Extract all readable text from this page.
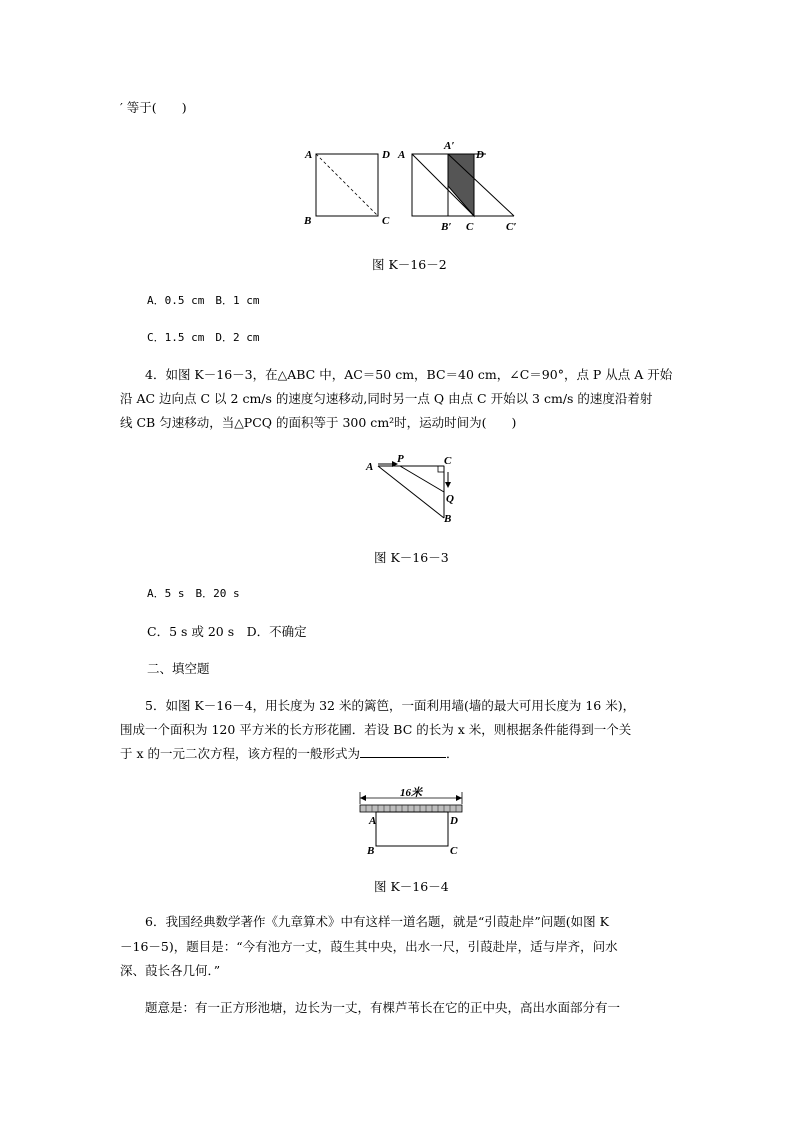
′ 等于(　　)
A	D
B	C
A
A′
D
B′ C	C′
图 K－16－2
A．0.5 cm　B．1 cm
C．1.5 cm　D．2 cm
4．如图 K－16－3，在△ABC 中，AC＝50 cm，BC＝40 cm，∠C＝90°，点 P 从点 A 开始
沿 AC 边向点 C 以 2 cm/s 的速度匀速移动,同时另一点 Q 由点 C 开始以 3 cm/s 的速度沿着射
线 CB 匀速移动，当△PCQ 的面积等于 300 cm²时，运动时间为(　　)
A
P	C
Q
B
图 K－16－3
A．5 s　B．20 s
C．5 s 或 20 s　D．不确定
二、填空题
5．如图 K－16－4，用长度为 32 米的篱笆，一面利用墙(墙的最大可用长度为 16 米)，
围成一个面积为 120 平方米的长方形花圃．若设 BC 的长为 x 米，则根据条件能得到一个关
于 x 的一元二次方程，该方程的一般形式为	．
16米
A	D
B	C
图 K－16－4
6．我国经典数学著作《九章算术》中有这样一道名题，就是“引葭赴岸”问题(如图 K
－16－5)，题目是：“今有池方一丈，葭生其中央，出水一尺，引葭赴岸，适与岸齐，问水
深、葭长各几何．”
题意是：有一正方形池塘，边长为一丈，有棵芦苇长在它的正中央，高出水面部分有一
